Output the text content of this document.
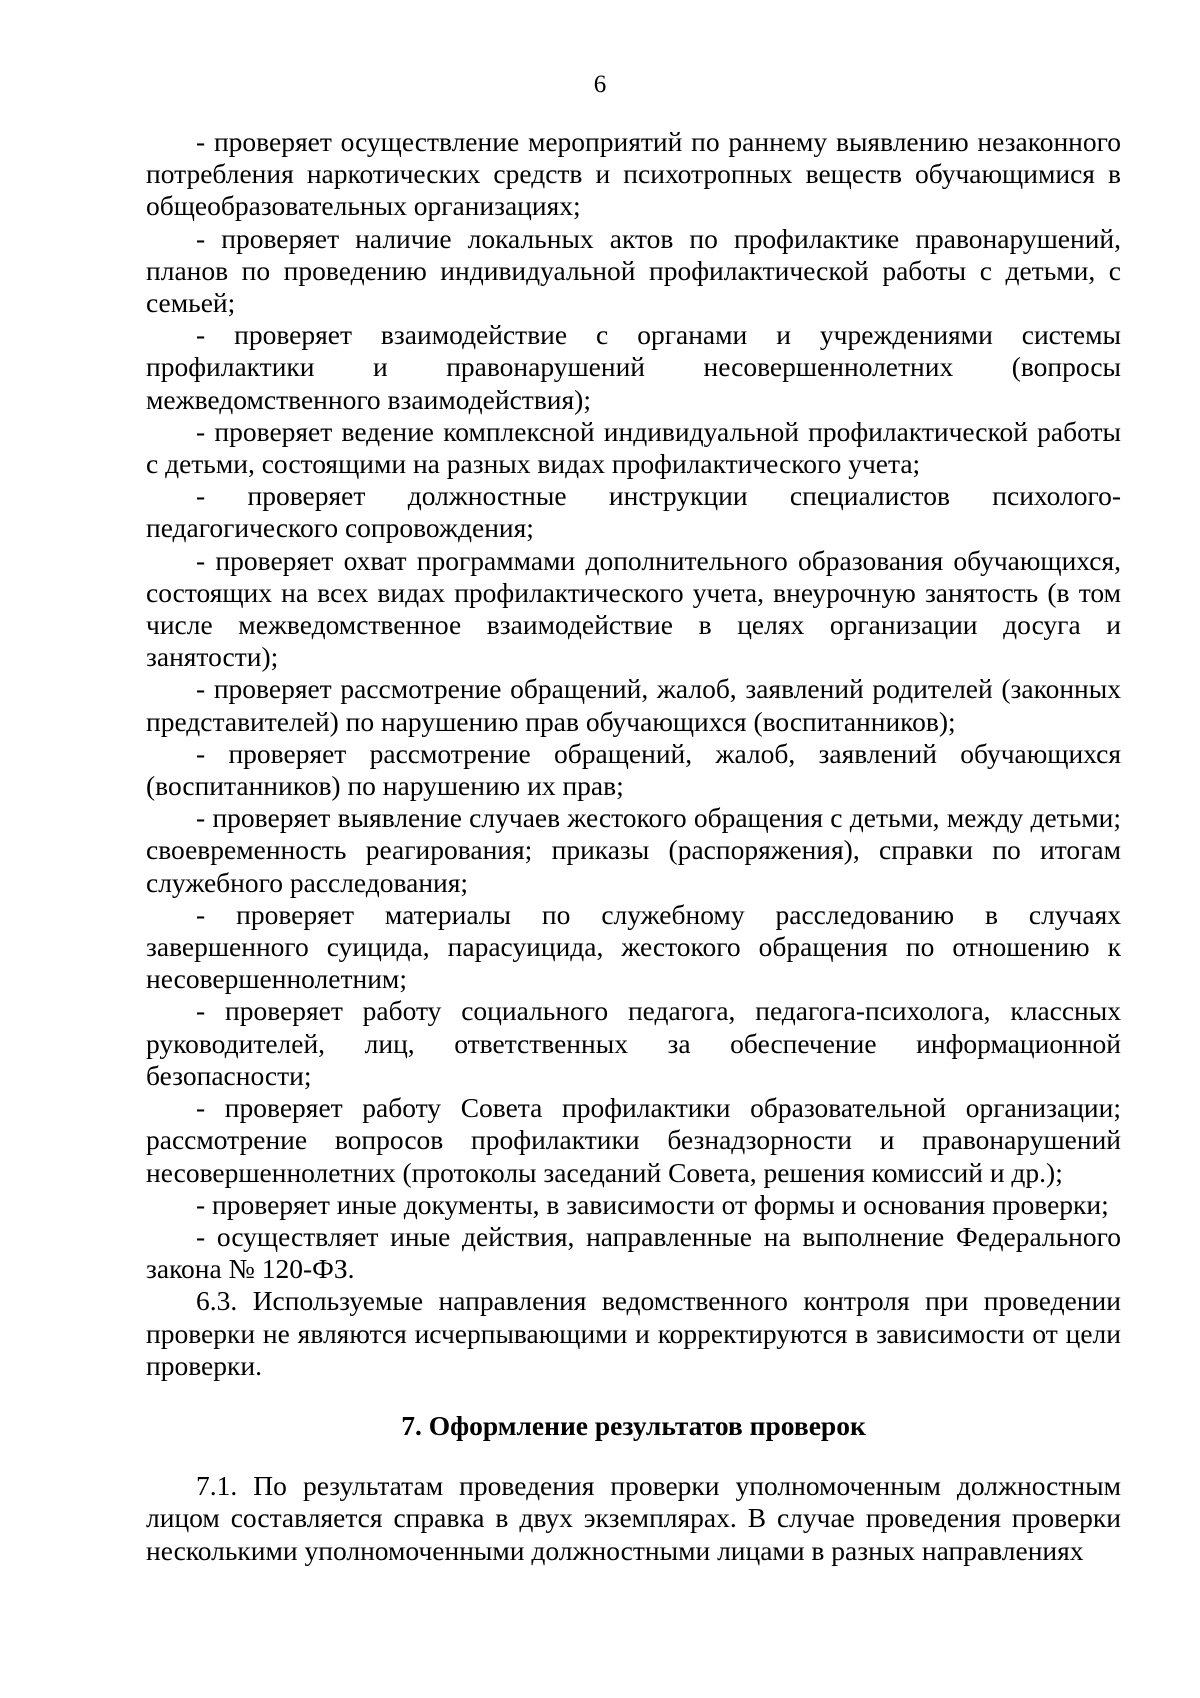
6

- проверяет осуществление мероприятий по раннему выявлению незаконного потребления наркотических средств и психотропных веществ обучающимися в общеобразовательных организациях;

- проверяет наличие локальных актов по профилактике правонарушений, планов по проведению индивидуальной профилактической работы с детьми, с семьей;

- проверяет взаимодействие с органами и учреждениями системы профилактики и правонарушений несовершеннолетних (вопросы межведомственного взаимодействия);

- проверяет ведение комплексной индивидуальной профилактической работы с детьми, состоящими на разных видах профилактического учета;

- проверяет должностные инструкции специалистов психолого-педагогического сопровождения;

- проверяет охват программами дополнительного образования обучающихся, состоящих на всех видах профилактического учета, внеурочную занятость (в том числе межведомственное взаимодействие в целях организации досуга и занятости);

- проверяет рассмотрение обращений, жалоб, заявлений родителей (законных представителей) по нарушению прав обучающихся (воспитанников);

- проверяет рассмотрение обращений, жалоб, заявлений обучающихся (воспитанников) по нарушению их прав;

- проверяет выявление случаев жестокого обращения с детьми, между детьми; своевременность реагирования; приказы (распоряжения), справки по итогам служебного расследования;

- проверяет материалы по служебному расследованию в случаях завершенного суицида, парасуицида, жестокого обращения по отношению к несовершеннолетним;

- проверяет работу социального педагога, педагога-психолога, классных руководителей, лиц, ответственных за обеспечение информационной безопасности;

- проверяет работу Совета профилактики образовательной организации; рассмотрение вопросов профилактики безнадзорности и правонарушений несовершеннолетних (протоколы заседаний Совета, решения комиссий и др.);

- проверяет иные документы, в зависимости от формы и основания проверки;

- осуществляет иные действия, направленные на выполнение Федерального закона № 120-ФЗ.

6.3. Используемые направления ведомственного контроля при проведении проверки не являются исчерпывающими и корректируются в зависимости от цели проверки.

7. Оформление результатов проверок

7.1. По результатам проведения проверки уполномоченным должностным лицом составляется справка в двух экземплярах. В случае проведения проверки несколькими уполномоченными должностными лицами в разных направлениях
